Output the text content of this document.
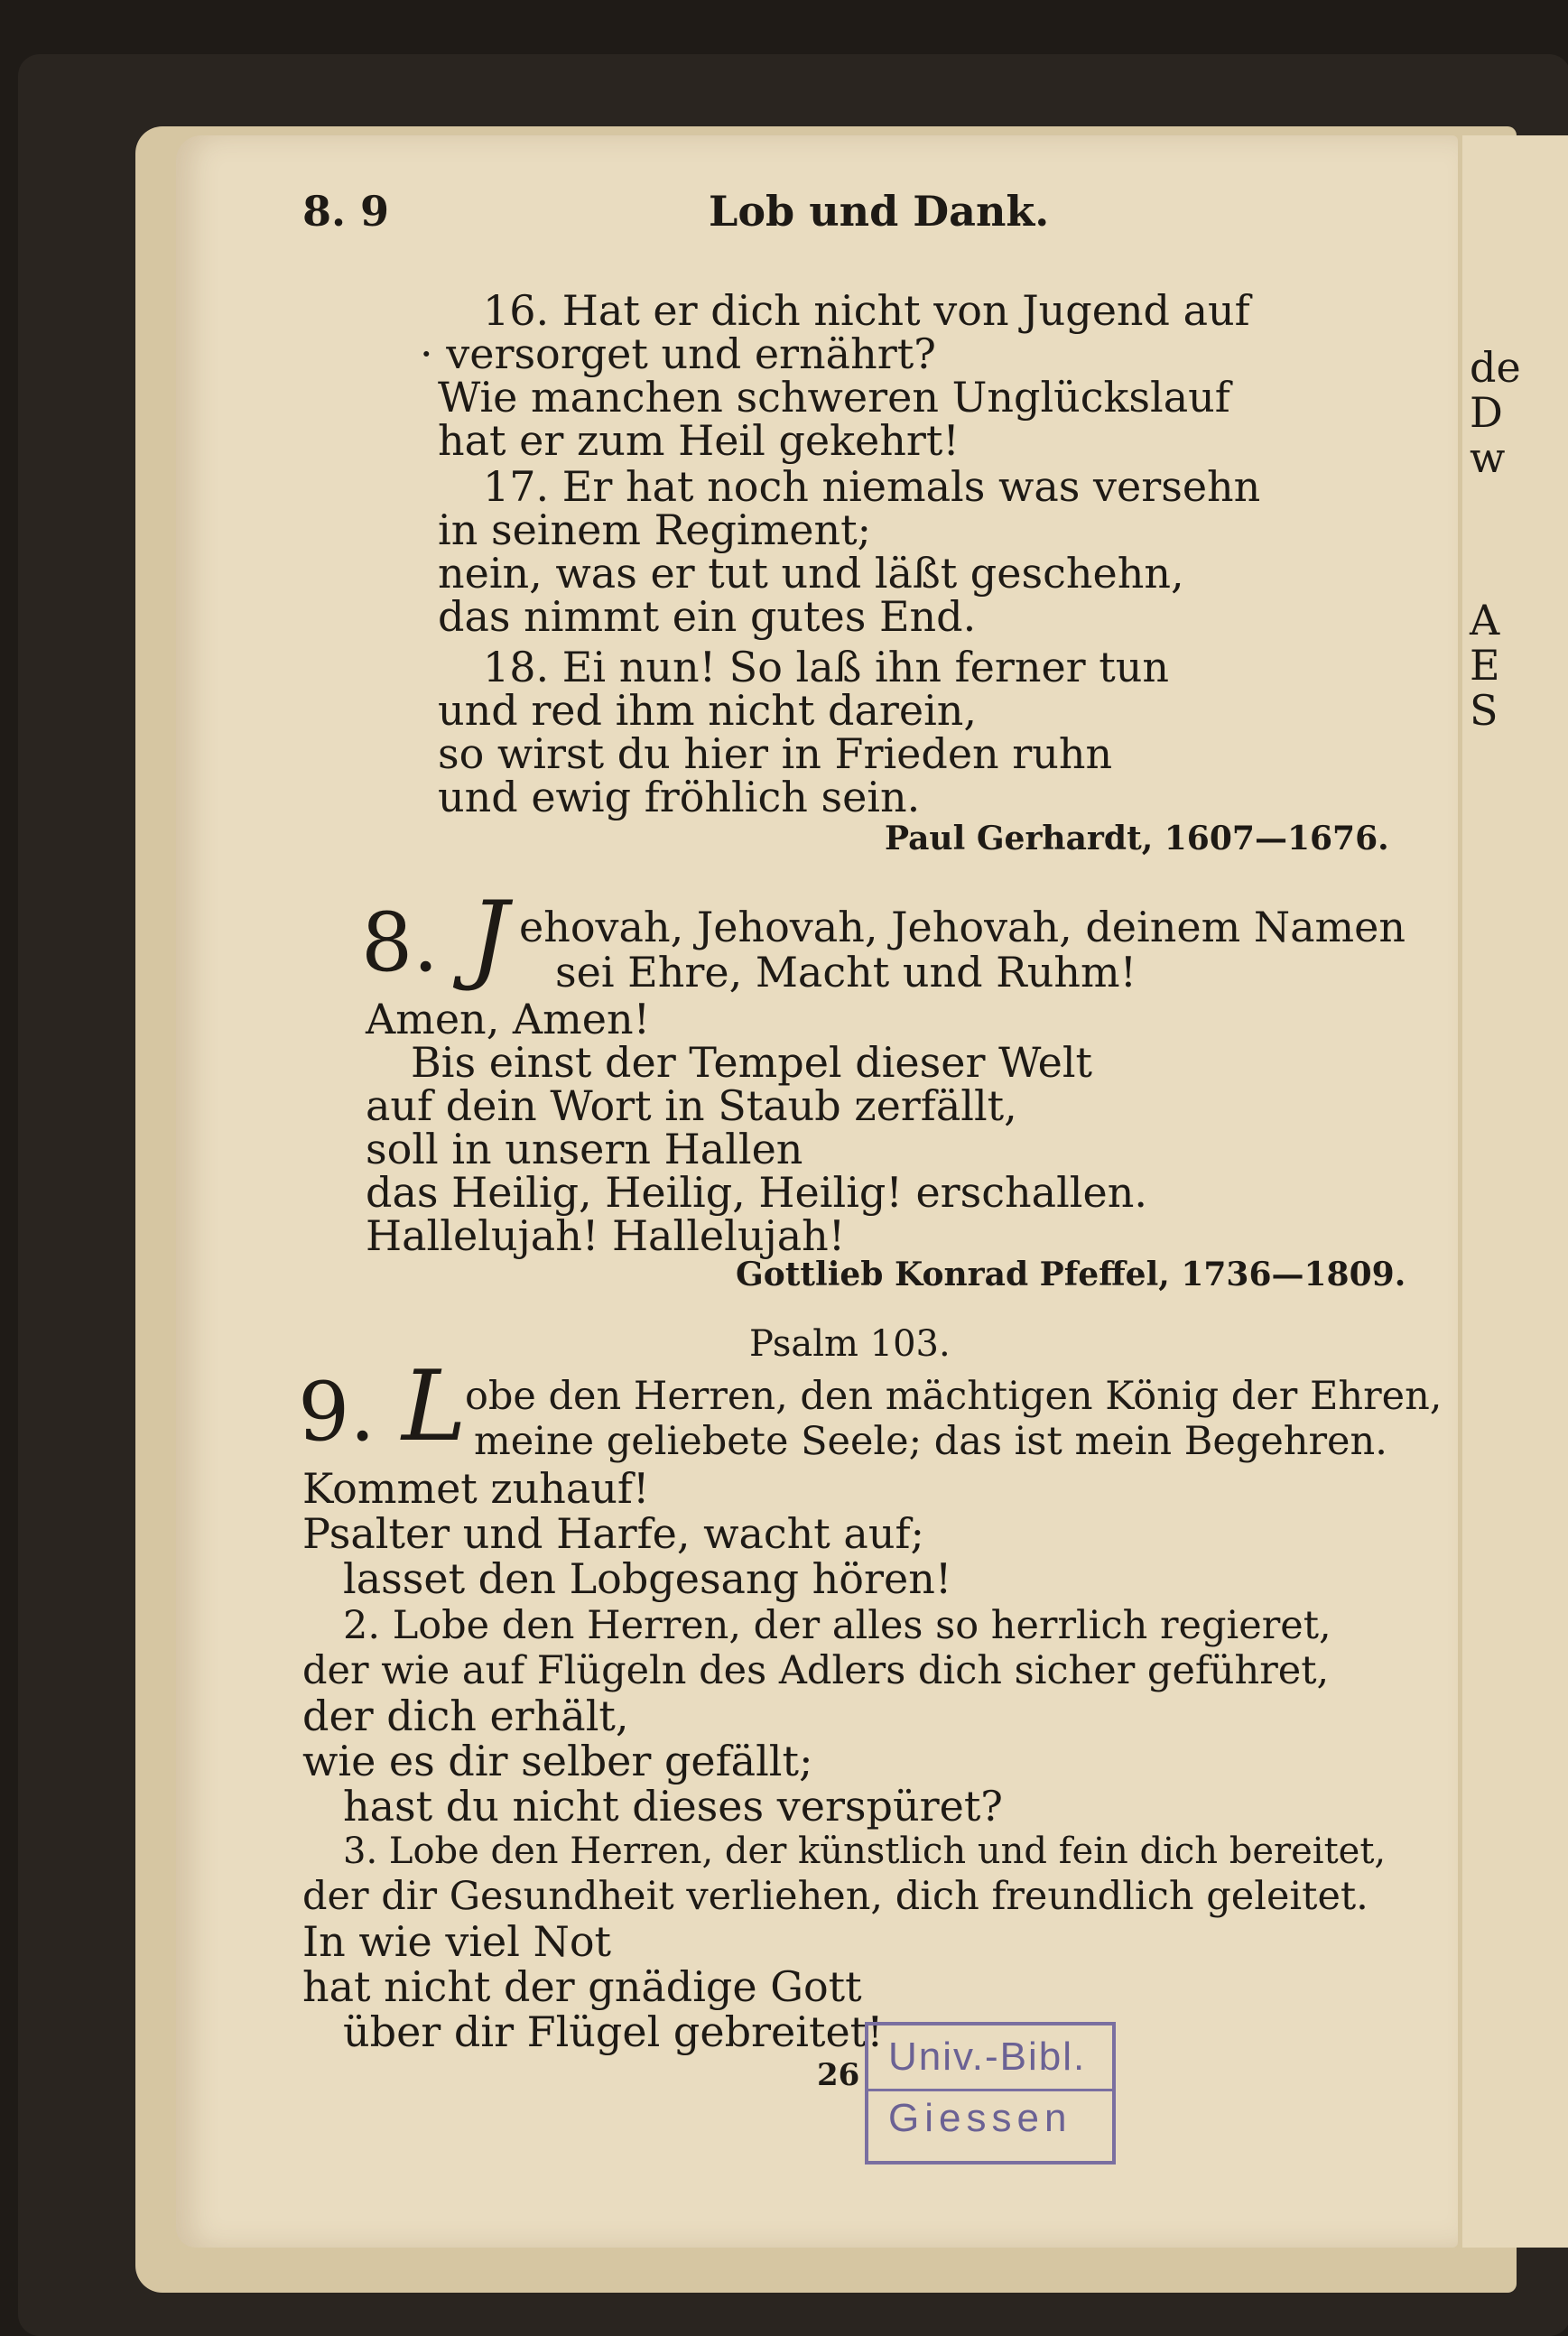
de
D
w
A
E
S
8. 9	Lob und Dank.
16. Hat er dich nicht von Jugend auf
· versorget und ernährt?
Wie manchen schweren Unglückslauf
hat er zum Heil gekehrt!
17. Er hat noch niemals was versehn
in seinem Regiment;
nein, was er tut und läßt geschehn,
das nimmt ein gutes End.
18. Ei nun! So laß ihn ferner tun
und red ihm nicht darein,
so wirst du hier in Frieden ruhn
und ewig fröhlich sein.
Paul Gerhardt, 1607—1676.
8. J ehovah, Jehovah, Jehovah, deinem Namen
sei Ehre, Macht und Ruhm!
Amen, Amen!
Bis einst der Tempel dieser Welt
auf dein Wort in Staub zerfällt,
soll in unsern Hallen
das Heilig, Heilig, Heilig! erschallen.
Hallelujah! Hallelujah!
Gottlieb Konrad Pfeffel, 1736—1809.
Psalm 103.
9. L
obe den Herren, den mächtigen König der Ehren,
meine geliebete Seele; das ist mein Begehren.
Kommet zuhauf!
Psalter und Harfe, wacht auf;
lasset den Lobgesang hören!
2. Lobe den Herren, der alles so herrlich regieret,
der wie auf Flügeln des Adlers dich sicher geführet,
der dich erhält,
wie es dir selber gefällt;
hast du nicht dieses verspüret?
3. Lobe den Herren, der künstlich und fein dich bereitet,
der dir Gesundheit verliehen, dich freundlich geleitet.
In wie viel Not
hat nicht der gnädige Gott
über dir Flügel gebreitet!
26 Univ.-Bibl.
Giessen
